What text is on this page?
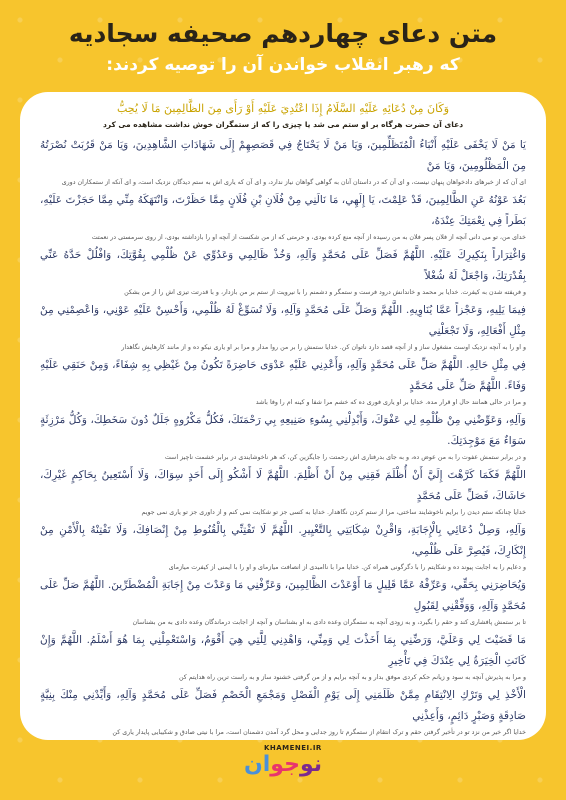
متن دعای چهاردهم صحیفه سجادیه

که رهبر انقلاب خواندن آن را توصیه کردند:

وَكَانَ مِنْ دُعَائِهِ عَلَيْهِ السَّلَامُ إِذَا اعْتُدِيَ عَلَيْهِ أَوْ رَأَى مِنَ الظَّالِمِينَ مَا لَا يُحِبُّ

دعای آن حضرت هرگاه بر او ستم می شد یا چیزی را که از ستمگران خوش نداشت مشاهده می کرد

يَا مَنْ لَا يَخْفَى عَلَيْهِ أَنْبَاءُ الْمُتَظَلِّمِينَ، وَيَا مَنْ لَا يَحْتَاجُ فِي قَصَصِهِمْ إِلَى شَهَادَاتِ الشَّاهِدِينَ، وَيَا مَنْ قَرُبَتْ نُصْرَتُهُ مِنَ الْمَظْلُومِينَ، وَيَا مَنْ

ای آن که از خبرهای دادخواهان پنهان نیست، و ای آن که در داستان آنان به گواهی گواهان نیاز ندارد، و ای آن که یاری اش به ستم دیدگان نزدیک است، و ای آنکه از ستمکاران دوری

بَعُدَ عَوْنُهُ عَنِ الظَّالِمِينَ، قَدْ عَلِمْتَ، يَا إِلَهِي، مَا نَالَنِي مِنْ فُلَانِ بْنِ فُلَانٍ مِمَّا حَظَرْتَ، وَانْتَهَكَهُ مِنِّي مِمَّا حَجَزْتَ عَلَيْهِ، بَطَراً فِي نِعْمَتِكَ عِنْدَهُ،

خدای من، تو می دانی آنچه از فلان پسر فلان به من رسیده از آنچه منع کرده بودی، و حرمتی که از من شکست از آنچه او را بازداشته بودی، از روی سرمستی در نعمتت

وَاغْتِرَاراً بِنَكِيرِكَ عَلَيْهِ. اللَّهُمَّ فَصَلِّ عَلَى مُحَمَّدٍ وَآلِهِ، وَخُذْ ظَالِمِي وَعَدُوِّي عَنْ ظُلْمِي بِقُوَّتِكَ، وَافْلُلْ حَدَّهُ عَنِّي بِقُدْرَتِكَ، وَاجْعَلْ لَهُ شُغْلاً

و فریفته شدن به کیفرت. خدایا بر محمد و خاندانش درود فرست و ستمگر و دشمنم را با نیرویت از ستم بر من بازدار، و با قدرتت تیزی اش را از من بشکن

فِيمَا يَلِيهِ، وَعَجْزاً عَمَّا يُنَاوِيهِ. اللَّهُمَّ وَصَلِّ عَلَى مُحَمَّدٍ وَآلِهِ، وَلَا تُسَوِّغْ لَهُ ظُلْمِي، وَأَحْسِنْ عَلَيْهِ عَوْنِي، وَاعْصِمْنِي مِنْ مِثْلِ أَفْعَالِهِ، وَلَا تَجْعَلْنِي

و او را به آنچه نزدیک اوست مشغول ساز و از آنچه قصد دارد ناتوان کن. خدایا ستمش را بر من روا مدار و مرا بر او یاری نیکو ده و از مانند کارهایش نگاهدار

فِي مِثْلِ حَالِهِ. اللَّهُمَّ صَلِّ عَلَى مُحَمَّدٍ وَآلِهِ، وَأَعْدِنِي عَلَيْهِ عَدْوَى حَاضِرَةً تَكُونُ مِنْ غَيْظِي بِهِ شِفَاءً، وَمِنْ حَنَقِي عَلَيْهِ وَفَاءً. اللَّهُمَّ صَلِّ عَلَى مُحَمَّدٍ

و مرا در حالی همانند حال او قرار مده. خدایا بر او یاری فوری ده که خشم مرا شفا و کینه ام را وفا باشد

وَآلِهِ، وَعَوِّضْنِي مِنْ ظُلْمِهِ لِي عَفْوَكَ، وَأَبْدِلْنِي بِسُوءِ صَنِيعِهِ بِي رَحْمَتَكَ، فَكُلُّ مَكْرُوهٍ جَلَلٌ دُونَ سَخَطِكَ، وَكُلُّ مَرْزِئَةٍ سَوَاءٌ مَعَ مَوْجِدَتِكَ.

و در برابر ستمش عفوت را به من عوض ده، و به جای بدرفتاری اش رحمتت را جایگزین کن، که هر ناخوشایندی در برابر خشمت ناچیز است

اللَّهُمَّ فَكَمَا كَرَّهْتَ إِلَيَّ أَنْ أُظْلَمَ فَقِنِي مِنْ أَنْ أَظْلِمَ. اللَّهُمَّ لَا أَشْكُو إِلَى أَحَدٍ سِوَاكَ، وَلَا أَسْتَعِينُ بِحَاكِمٍ غَيْرِكَ، حَاشَاكَ، فَصَلِّ عَلَى مُحَمَّدٍ

خدایا چنانکه ستم دیدن را برایم ناخوشایند ساختی، مرا از ستم کردن نگاهدار. خدایا به کسی جز تو شکایت نمی کنم و از داوری جز تو یاری نمی جویم

وَآلِهِ، وَصِلْ دُعَائِي بِالْإِجَابَةِ، وَاقْرِنْ شِكَايَتِي بِالتَّغْيِيرِ. اللَّهُمَّ لَا تَفْتِنِّي بِالْقُنُوطِ مِنْ إِنْصَافِكَ، وَلَا تَفْتِنْهُ بِالْأَمْنِ مِنْ إِنْكَارِكَ، فَيُصِرَّ عَلَى ظُلْمِي،

و دعایم را به اجابت پیوند ده و شکایتم را با دگرگونی همراه کن. خدایا مرا با ناامیدی از انصافت میازمای و او را با ایمنی از کیفرت میازمای

وَيُحَاضِرَنِي بِحَقِّي، وَعَرِّفْهُ عَمَّا قَلِيلٍ مَا أَوْعَدْتَ الظَّالِمِينَ، وَعَرِّفْنِي مَا وَعَدْتَ مِنْ إِجَابَةِ الْمُضْطَرِّينَ. اللَّهُمَّ صَلِّ عَلَى مُحَمَّدٍ وَآلِهِ، وَوَفِّقْنِي لِقَبُولِ

تا بر ستمش پافشاری کند و حقم را بگیرد، و به زودی آنچه به ستمگران وعده دادی به او بشناسان و آنچه از اجابت درماندگان وعده دادی به من بشناسان

مَا قَضَيْتَ لِي وَعَلَيَّ، وَرَضِّنِي بِمَا أَخَذْتَ لِي وَمِنِّي، وَاهْدِنِي لِلَّتِي هِيَ أَقْوَمُ، وَاسْتَعْمِلْنِي بِمَا هُوَ أَسْلَمُ. اللَّهُمَّ وَإِنْ كَانَتِ الْخِيَرَةُ لِي عِنْدَكَ فِي تَأْخِيرِ

و مرا به پذیرش آنچه به سود و زیانم حکم کردی موفق بدار و به آنچه برایم و از من گرفتی خشنود ساز و به راست ترین راه هدایتم کن

الْأَخْذِ لِي وَتَرْكِ الِانْتِقَامِ مِمَّنْ ظَلَمَنِي إِلَى يَوْمِ الْفَصْلِ وَمَجْمَعِ الْخَصْمِ فَصَلِّ عَلَى مُحَمَّدٍ وَآلِهِ، وَأَيِّدْنِي مِنْكَ بِنِيَّةٍ صَادِقَةٍ وَصَبْرٍ دَائِمٍ، وَأَعِذْنِي

خدایا اگر خیر من نزد تو در تأخیر گرفتن حقم و ترک انتقام از ستمگرم تا روز جدایی و محل گرد آمدن دشمنان است، مرا با نیتی صادق و شکیبایی پایدار یاری کن

KHAMENEI.IR
نوجوان
